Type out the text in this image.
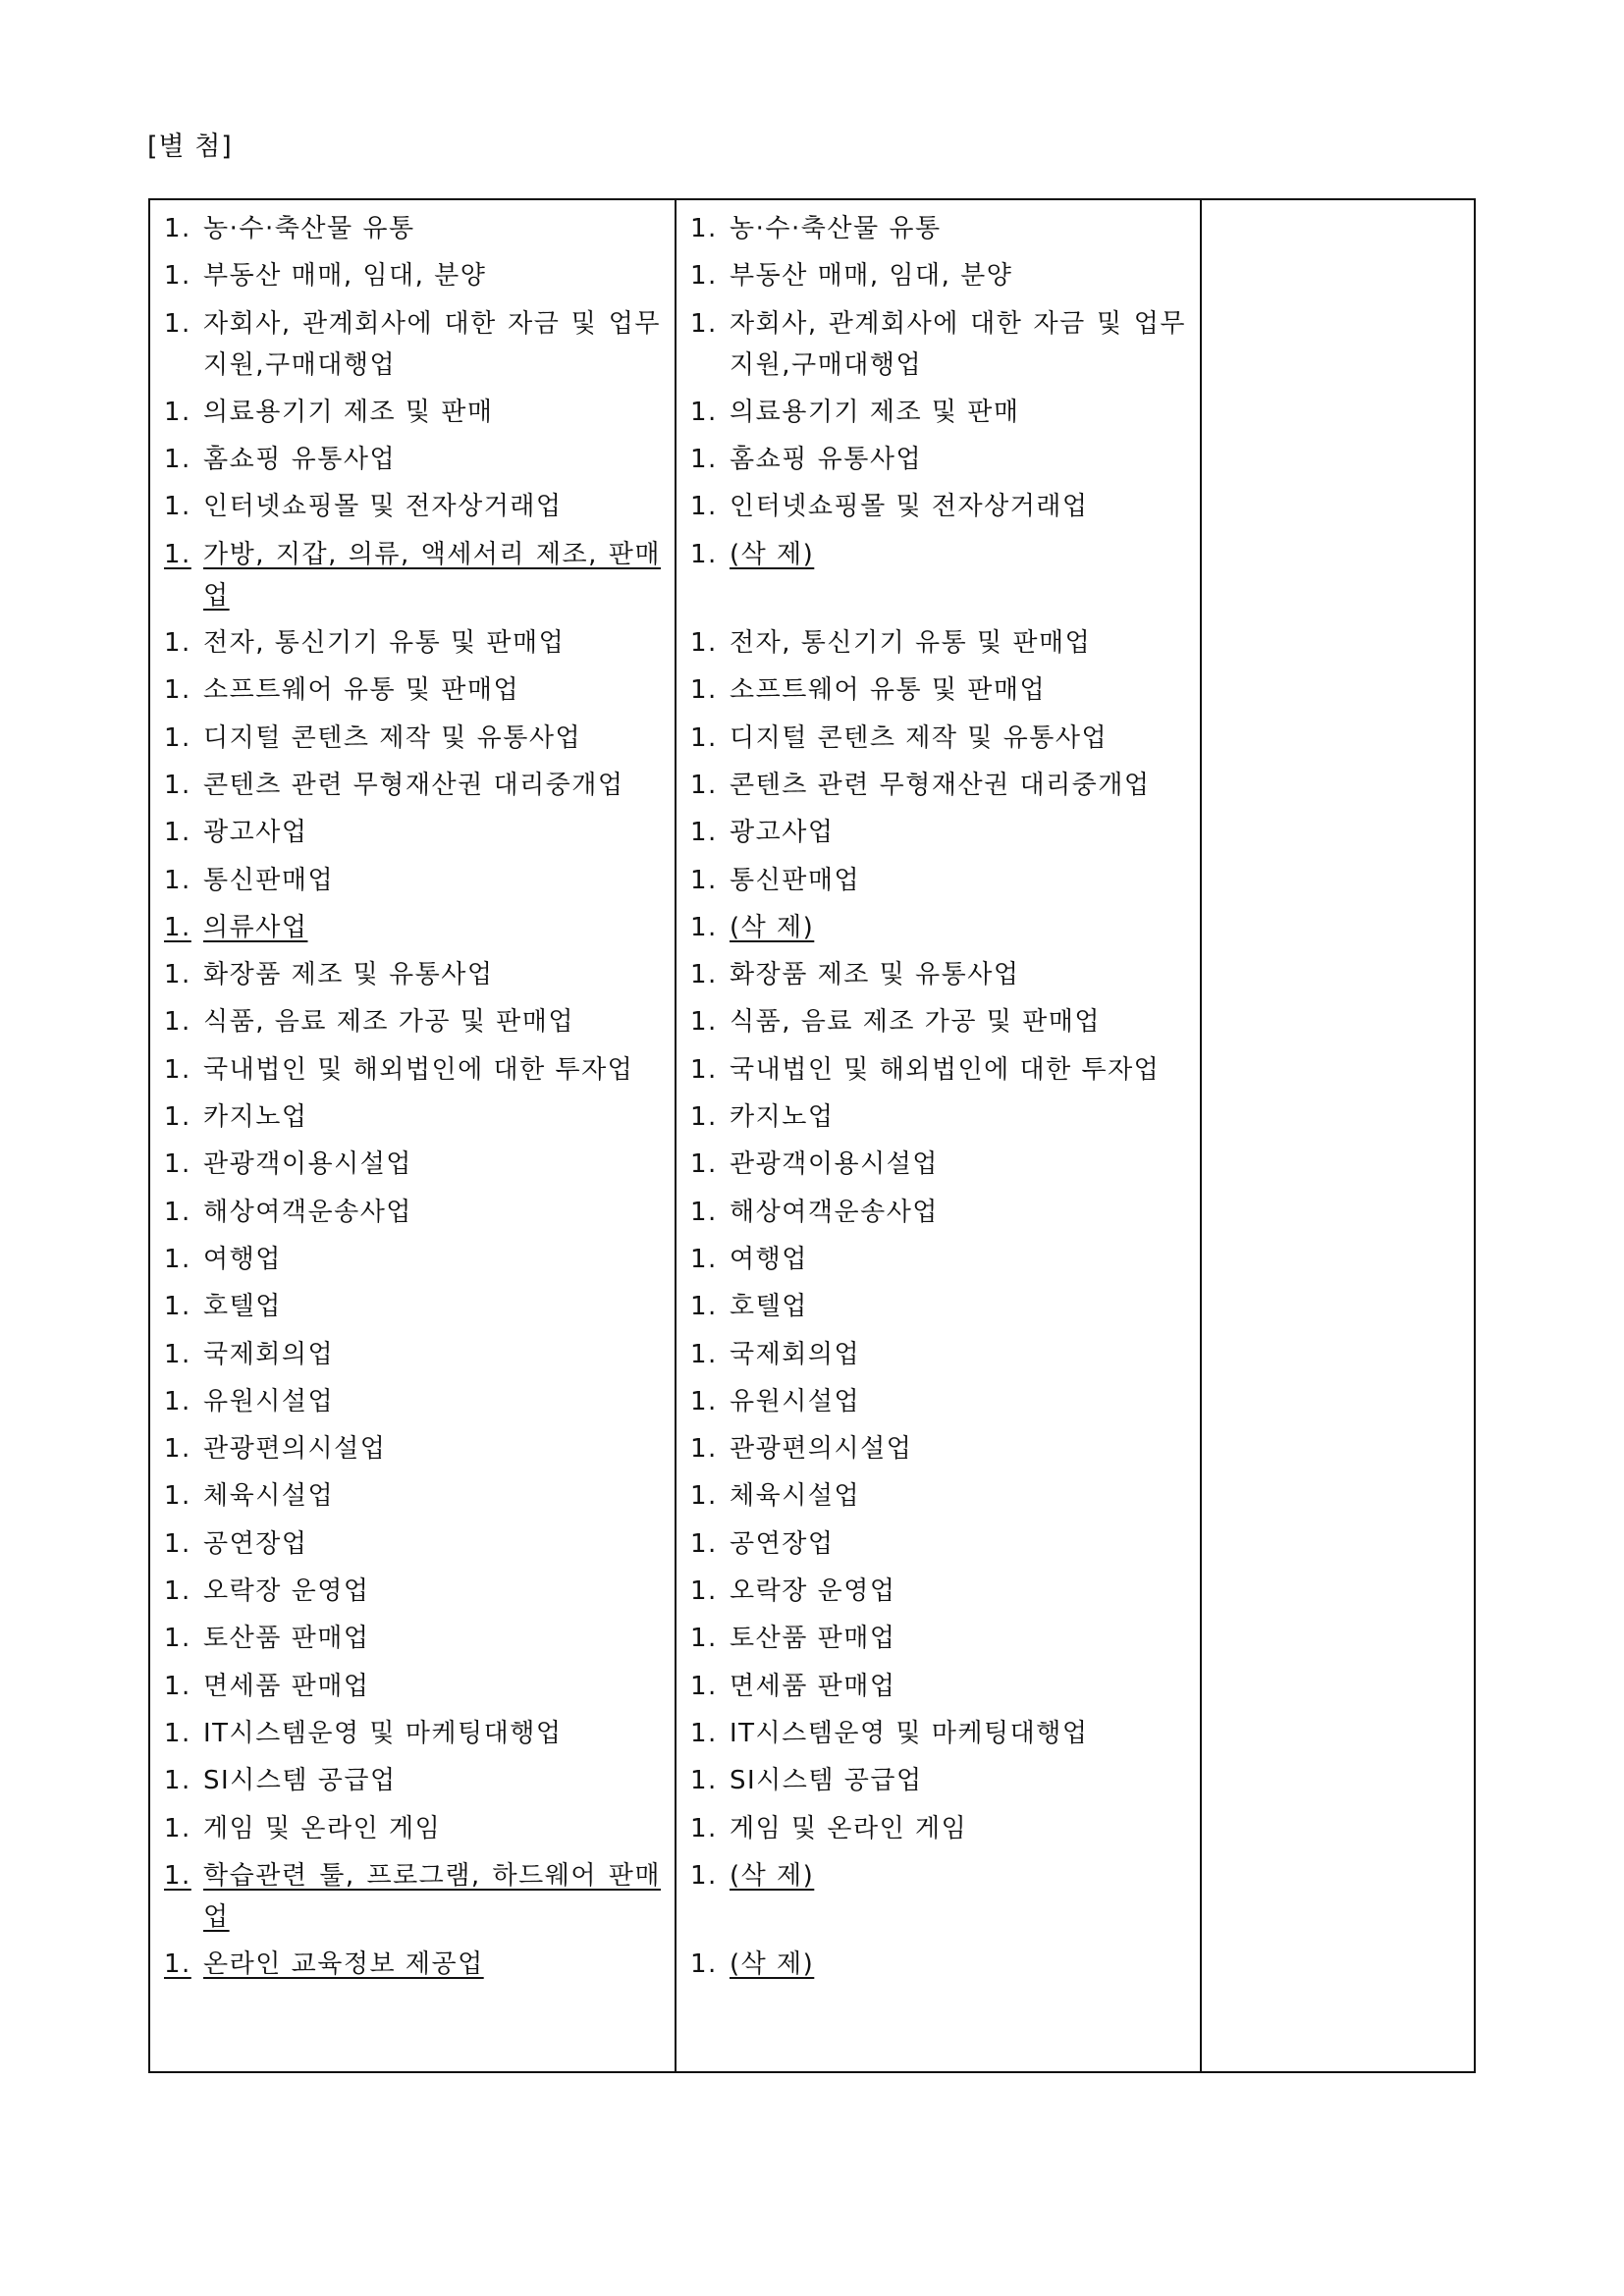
[별 첨]
1. 농·수·축산물 유통
1. 부동산 매매, 임대, 분양
1. 자회사, 관계회사에 대한 자금 및 업무지원,구매대행업
1. 의료용기기 제조 및 판매
1. 홈쇼핑 유통사업
1. 인터넷쇼핑몰 및 전자상거래업
1. 가방, 지갑, 의류, 액세서리 제조, 판매업
1. 전자, 통신기기 유통 및 판매업
1. 소프트웨어 유통 및 판매업
1. 디지털 콘텐츠 제작 및 유통사업
1. 콘텐츠 관련 무형재산권 대리중개업
1. 광고사업
1. 통신판매업
1. 의류사업
1. 화장품 제조 및 유통사업
1. 식품, 음료 제조 가공 및 판매업
1. 국내법인 및 해외법인에 대한 투자업
1. 카지노업
1. 관광객이용시설업
1. 해상여객운송사업
1. 여행업
1. 호텔업
1. 국제회의업
1. 유원시설업
1. 관광편의시설업
1. 체육시설업
1. 공연장업
1. 오락장 운영업
1. 토산품 판매업
1. 면세품 판매업
1. IT시스템운영 및 마케팅대행업
1. SI시스템 공급업
1. 게임 및 온라인 게임
1. 학습관련 툴, 프로그램, 하드웨어 판매업
1. 온라인 교육정보 제공업
1. 농·수·축산물 유통
1. 부동산 매매, 임대, 분양
1. 자회사, 관계회사에 대한 자금 및 업무지원,구매대행업
1. 의료용기기 제조 및 판매
1. 홈쇼핑 유통사업
1. 인터넷쇼핑몰 및 전자상거래업
1. (삭 제)
1. 전자, 통신기기 유통 및 판매업
1. 소프트웨어 유통 및 판매업
1. 디지털 콘텐츠 제작 및 유통사업
1. 콘텐츠 관련 무형재산권 대리중개업
1. 광고사업
1. 통신판매업
1. (삭 제)
1. 화장품 제조 및 유통사업
1. 식품, 음료 제조 가공 및 판매업
1. 국내법인 및 해외법인에 대한 투자업
1. 카지노업
1. 관광객이용시설업
1. 해상여객운송사업
1. 여행업
1. 호텔업
1. 국제회의업
1. 유원시설업
1. 관광편의시설업
1. 체육시설업
1. 공연장업
1. 오락장 운영업
1. 토산품 판매업
1. 면세품 판매업
1. IT시스템운영 및 마케팅대행업
1. SI시스템 공급업
1. 게임 및 온라인 게임
1. (삭 제)
1. (삭 제)
